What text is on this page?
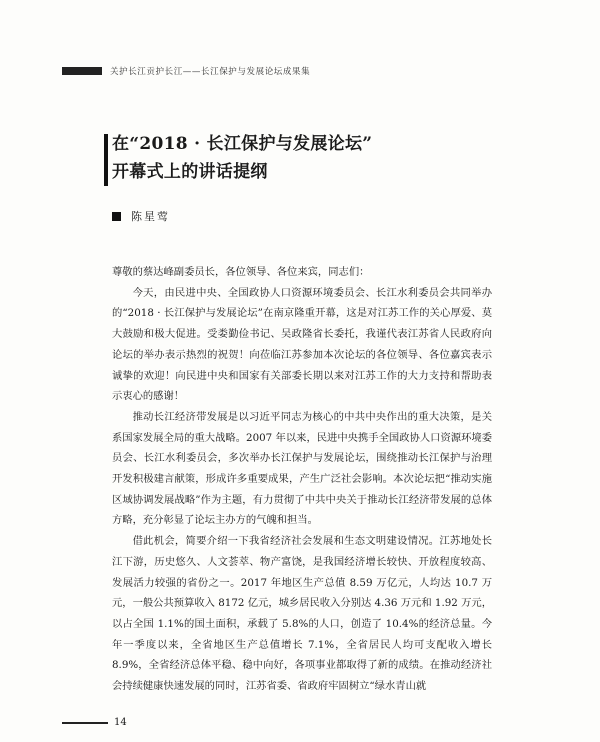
关护长江贡护长江——长江保护与发展论坛成果集
在“2018 · 长江保护与发展论坛”
开幕式上的讲话提纲
陈星莺

尊敬的蔡达峰副委员长，各位领导、各位来宾，同志们：

今天，由民进中央、全国政协人口资源环境委员会、长江水利委员会共同举办的“2018 · 长江保护与发展论坛”在南京隆重开幕，这是对江苏工作的关心厚爱、莫大鼓励和极大促进。受娄勤俭书记、吴政隆省长委托，我谨代表江苏省人民政府向论坛的举办表示热烈的祝贺！向莅临江苏参加本次论坛的各位领导、各位嘉宾表示诚挚的欢迎！向民进中央和国家有关部委长期以来对江苏工作的大力支持和帮助表示衷心的感谢！

推动长江经济带发展是以习近平同志为核心的中共中央作出的重大决策，是关系国家发展全局的重大战略。2007 年以来，民进中央携手全国政协人口资源环境委员会、长江水利委员会，多次举办长江保护与发展论坛，围绕推动长江保护与治理开发积极建言献策，形成许多重要成果，产生广泛社会影响。本次论坛把“推动实施区域协调发展战略”作为主题，有力贯彻了中共中央关于推动长江经济带发展的总体方略，充分彰显了论坛主办方的气魄和担当。

借此机会，简要介绍一下我省经济社会发展和生态文明建设情况。江苏地处长江下游，历史悠久、人文荟萃、物产富饶，是我国经济增长较快、开放程度较高、发展活力较强的省份之一。2017 年地区生产总值 8.59 万亿元，人均达 10.7 万元，一般公共预算收入 8172 亿元，城乡居民收入分别达 4.36 万元和 1.92 万元，以占全国 1.1%的国土面积，承载了 5.8%的人口，创造了 10.4%的经济总量。今年一季度以来，全省地区生产总值增长 7.1%，全省居民人均可支配收入增长 8.9%，全省经济总体平稳、稳中向好，各项事业都取得了新的成绩。在推动经济社会持续健康快速发展的同时，江苏省委、省政府牢固树立“绿水青山就

14
